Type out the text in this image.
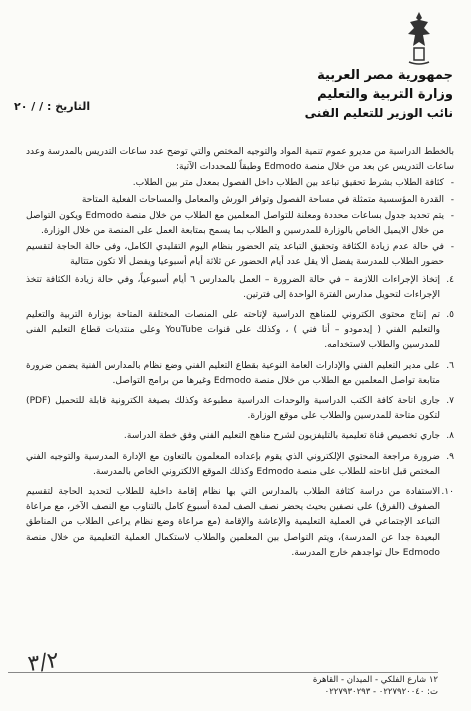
جمهورية مصر العربية
وزارة التربية والتعليم
نائب الوزير للتعليم الفنى
التاريخ : / / ٢٠

بالخطط الدراسية من مديرو عموم تنمية المواد والتوجيه المختص والتي توضح عدد ساعات التدريس بالمدرسة وعدد ساعات التدريس عن بعد من خلال منصة Edmodo وطبقاً للمحددات الآتية:

- كثافة الطلاب بشرط تحقيق تباعد بين الطلاب داخل الفصول بمعدل متر بين الطلاب.
- القدرة المؤسسية متمثلة في مساحة الفصول وتوافر الورش والمعامل والمساحات الفعلية المتاحة
- يتم تحديد جدول بساعات محددة ومعلنة للتواصل المعلمين مع الطلاب من خلال منصة Edmodo ويكون التواصل من خلال الايميل الخاص بالوزارة للمدرسين و الطلاب بما يسمح بمتابعة العمل على المنصة من خلال الوزارة.
- في حالة عدم زيادة الكثافة وتحقيق التباعد يتم الحضور بنظام اليوم التقليدي الكامل، وفى حالة الحاجة لتقسيم حضور الطلاب للمدرسة يفضل ألا يقل عدد أيام الحضور عن ثلاثة أيام أسبوعيا ويفضل ألا تكون متتالية
٤.
إتخاذ الإجراءات اللازمة – في حالة الضرورة – العمل بالمدارس ٦ أيام أسبوعياً، وفي حالة زيادة الكثافة تتخذ الإجراءات لتحويل مدارس الفترة الواحدة إلى فترتين.
٥.
تم إنتاج محتوى الكتروني للمناهج الدراسية لإتاحته على المنصات المختلفة المتاحة بوزارة التربية والتعليم والتعليم الفني ( إيدمودو – أنا فني ) ، وكذلك على قنوات YouTube وعلى منتديات قطاع التعليم الفنى للمدرسين والطلاب لاستخدامه.
٦.
على مدير التعليم الفني والإدارات العامة النوعية بقطاع التعليم الفني وضع نظام بالمدارس الفنية يضمن ضرورة متابعة تواصل المعلمين مع الطلاب من خلال منصة Edmodo وغيرها من برامج التواصل.
٧.
جارى اتاحة كافة الكتب الدراسية والوحدات الدراسية مطبوعة وكذلك بصيغة الكترونية قابلة للتحميل (PDF) لتكون متاحة للمدرسين والطلاب على موقع الوزارة.
٨.
جاري تخصيص قناة تعليمية بالتليفزيون لشرح مناهج التعليم الفني وفق خطة الدراسة.
٩.
ضرورة مراجعة المحتوي الإلكتروني الذي يقوم بإعداده المعلمون بالتعاون مع الإدارة المدرسية والتوجيه الفني المختص قبل اتاحته للطلاب على منصة Edmodo وكذلك الموقع الالكتروني الخاص بالمدرسة.
١٠.
الاستفادة من دراسة كثافة الطلاب بالمدارس التي بها نظام إقامة داخلية للطلاب لتحديد الحاجة لتقسيم الصفوف (الفرق) على نصفين بحيث يحضر نصف الصف لمدة أسبوع كامل بالتناوب مع النصف الآخر، مع مراعاة التباعد الإجتماعي في العملية التعليمية والإعاشة والإقامة (مع مراعاة وضع نظام يراعى الطلاب من المناطق البعيدة جدا عن المدرسة)، ويتم التواصل بين المعلمين والطلاب لاستكمال العملية التعليمية من خلال منصة Edmodo حال تواجدهم خارج المدرسة.
٣/٢
١٢ شارع الفلكي - الميدان - القاهرة
ت: ٠٢٢٧٩٢٠٠٤٠ - ٠٢٢٧٩٣٠٢٩٣
